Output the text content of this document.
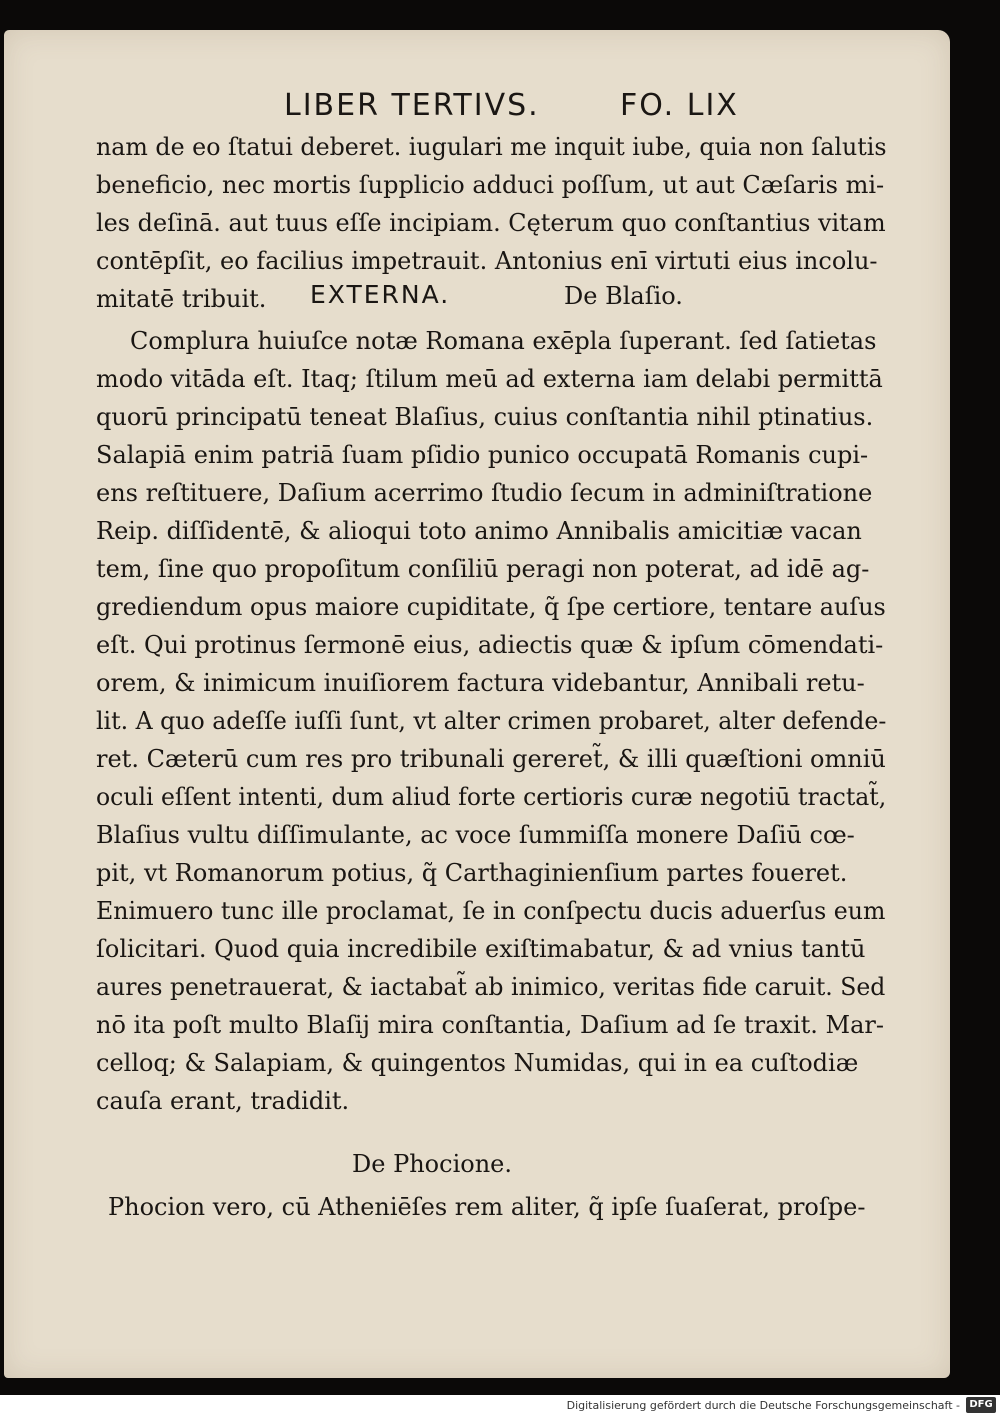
LIBER TERTIVS.	FO. LIX
nam de eo ſtatui deberet. iugulari me inquit iube, quia non ſalutis
beneficio, nec mortis ſupplicio adduci poſſum, ut aut Cæſaris mi-
les deſinā. aut tuus eſſe incipiam. Cęterum quo conſtantius vitam
contēpſit, eo facilius impetrauit. Antonius enī virtuti eius incolu-
mitatē tribuit. EXTERNA.	De Blaſio.
Complura huiuſce notæ Romana exēpla ſuperant. ſed ſatietas
modo vitāda eſt. Itaq; ſtilum meū ad externa iam delabi permittā
quorū principatū teneat Blaſius, cuius conſtantia nihil ptinatius.
Salapiā enim patriā ſuam pſidio punico occupatā Romanis cupi-
ens reſtituere, Daſium acerrimo ſtudio ſecum in adminiſtratione
Reip. diſſidentē, & alioqui toto animo Annibalis amicitiæ vacan
tem, ſine quo propoſitum conſiliū peragi non poterat, ad idē ag-
grediendum opus maiore cupiditate, q̃ ſpe certiore, tentare auſus
eſt. Qui protinus ſermonē eius, adiectis quæ & ipſum cōmendati-
orem, & inimicum inuiſiorem factura videbantur, Annibali retu-
lit. A quo adeſſe iuſſi ſunt, vt alter crimen probaret, alter defende-
ret. Cæterū cum res pro tribunali gereret̃, & illi quæſtioni omniū
oculi eſſent intenti, dum aliud forte certioris curæ negotiū tractat̃,
Blaſius vultu diſſimulante, ac voce ſummiſſa monere Daſiū cœ-
pit, vt Romanorum potius, q̃ Carthaginienſium partes foueret.
Enimuero tunc ille proclamat, ſe in conſpectu ducis aduerſus eum
ſolicitari. Quod quia incredibile exiſtimabatur, & ad vnius tantū
aures penetrauerat, & iactabat̃ ab inimico, veritas fide caruit. Sed
nō ita poſt multo Blaſij mira conſtantia, Daſium ad ſe traxit. Mar-
celloq; & Salapiam, & quingentos Numidas, qui in ea cuſtodiæ
cauſa erant, tradidit.
De Phocione.
Phocion vero, cū Atheniēſes rem aliter, q̃ ipſe ſuaſerat, proſpe-
Digitalisierung gefördert durch die Deutsche Forschungsgemeinschaft - DFG
